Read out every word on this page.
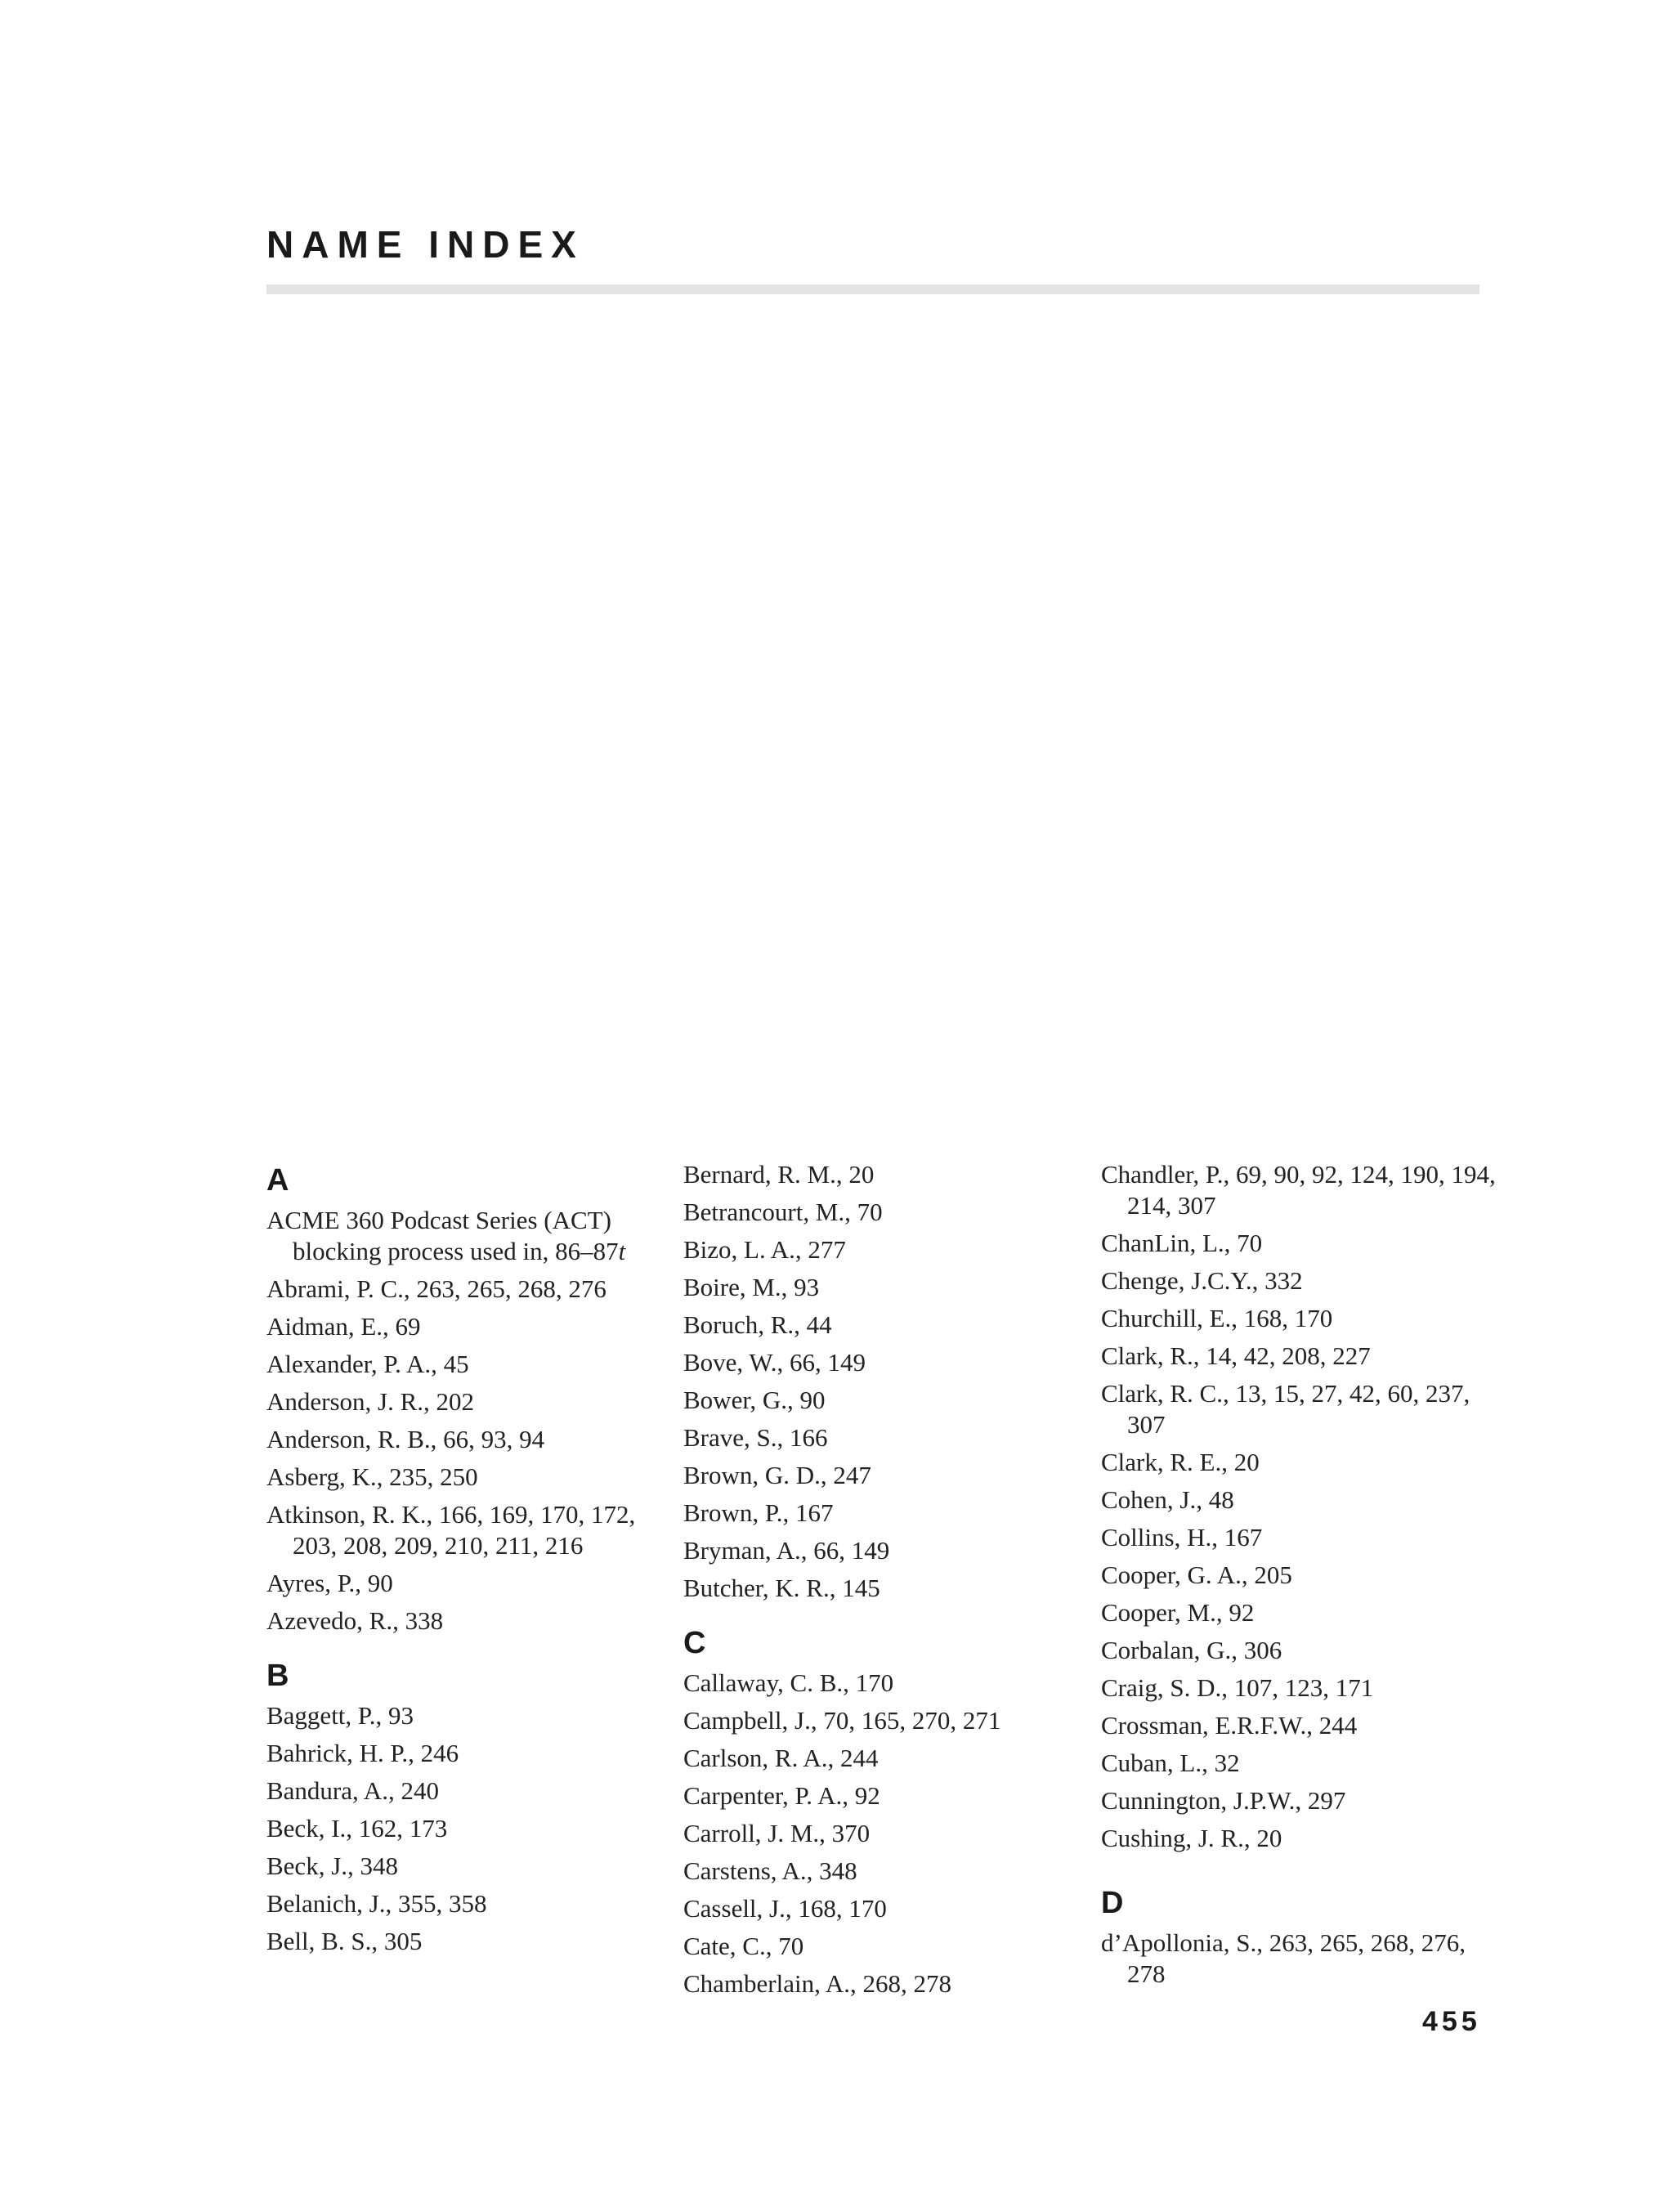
NAME INDEX
A
ACME 360 Podcast Series (ACT) blocking process used in, 86–87t
Abrami, P. C., 263, 265, 268, 276
Aidman, E., 69
Alexander, P. A., 45
Anderson, J. R., 202
Anderson, R. B., 66, 93, 94
Asberg, K., 235, 250
Atkinson, R. K., 166, 169, 170, 172, 203, 208, 209, 210, 211, 216
Ayres, P., 90
Azevedo, R., 338
B
Baggett, P., 93
Bahrick, H. P., 246
Bandura, A., 240
Beck, I., 162, 173
Beck, J., 348
Belanich, J., 355, 358
Bell, B. S., 305
Bernard, R. M., 20
Betrancourt, M., 70
Bizo, L. A., 277
Boire, M., 93
Boruch, R., 44
Bove, W., 66, 149
Bower, G., 90
Brave, S., 166
Brown, G. D., 247
Brown, P., 167
Bryman, A., 66, 149
Butcher, K. R., 145
C
Callaway, C. B., 170
Campbell, J., 70, 165, 270, 271
Carlson, R. A., 244
Carpenter, P. A., 92
Carroll, J. M., 370
Carstens, A., 348
Cassell, J., 168, 170
Cate, C., 70
Chamberlain, A., 268, 278
Chandler, P., 69, 90, 92, 124, 190, 194, 214, 307
ChanLin, L., 70
Chenge, J.C.Y., 332
Churchill, E., 168, 170
Clark, R., 14, 42, 208, 227
Clark, R. C., 13, 15, 27, 42, 60, 237, 307
Clark, R. E., 20
Cohen, J., 48
Collins, H., 167
Cooper, G. A., 205
Cooper, M., 92
Corbalan, G., 306
Craig, S. D., 107, 123, 171
Crossman, E.R.F.W., 244
Cuban, L., 32
Cunnington, J.P.W., 297
Cushing, J. R., 20
D
d’Apollonia, S., 263, 265, 268, 276, 278
455
